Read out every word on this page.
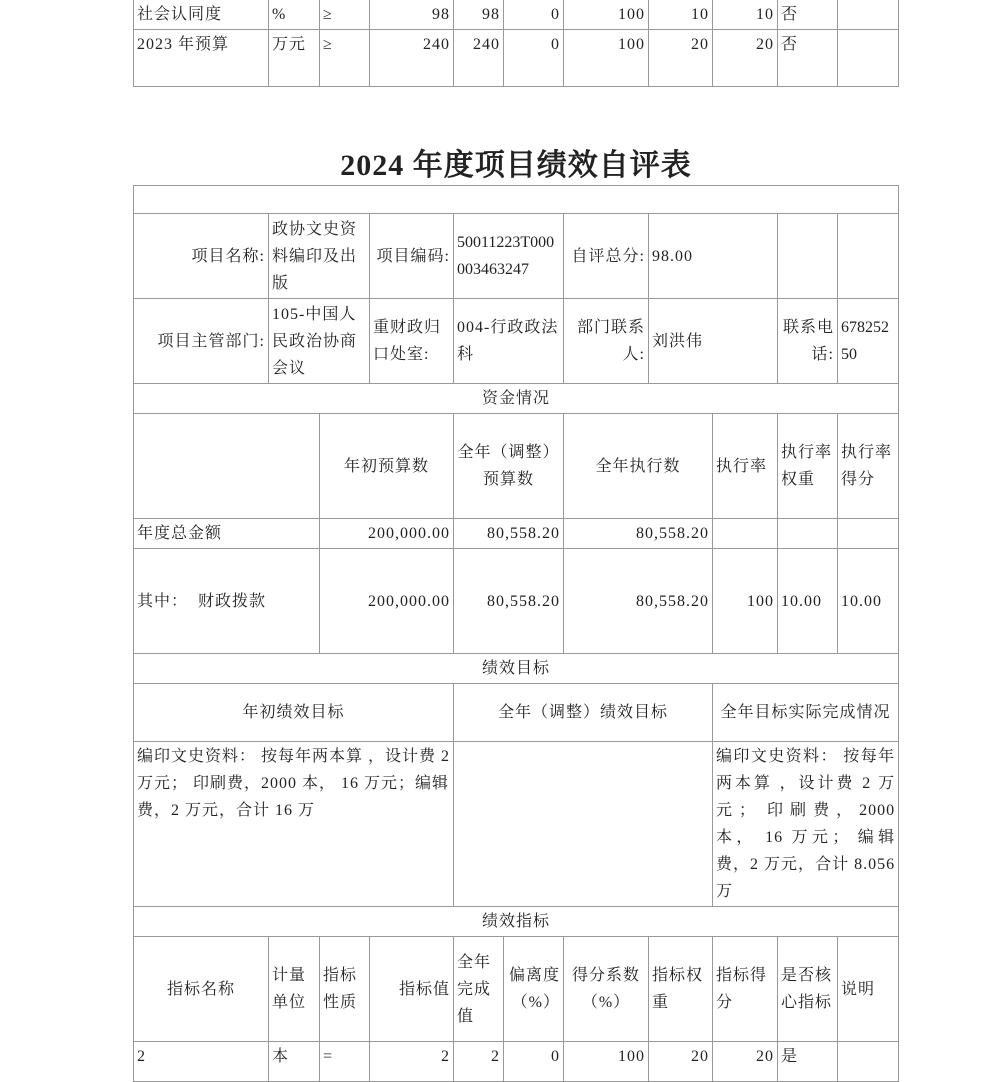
社会认同度	%	≥	98	98	0	100	10	10	否	
2023 年预算	万元	≥	240	240	0	100	20	20	否	
2024 年度项目绩效自评表

项目名称:	政协文史资料编印及出版		项目编码:	50011223T000003463247		自评总分:	98.00			
项目主管部门:	105-中国人民政治协商会议		重财政归口处室:	004-行政政法科		部门联系人:	刘洪伟		联系电话:	67825250
资金情况										
		年初预算数		全年（调整）预算数		全年执行数		执行率	执行率权重	执行率得分
年度总金额		200,000.00		80,558.20		80,558.20				
其中：  财政拨款		200,000.00		80,558.20		80,558.20		100	10.00	10.00
绩效目标										
年初绩效目标				全年（调整）绩效目标				全年目标实际完成情况		
编印文史资料： 按每年两本算 ，设计费 2 万元； 印刷费，2000 本， 16 万元；编辑费，2 万元，合计 16 万								编印文史资料： 按每年两本算 ，设计费 2 万元； 印刷费，2000 本， 16 万元； 编辑费，2 万元，合计 8.056 万		
绩效指标										
指标名称	计量单位	指标性质	指标值	全年完成值	偏离度（%）	得分系数（%）	指标权重	指标得分	是否核心指标	说明
2	本	=	2	2	0	100	20	20	是	
